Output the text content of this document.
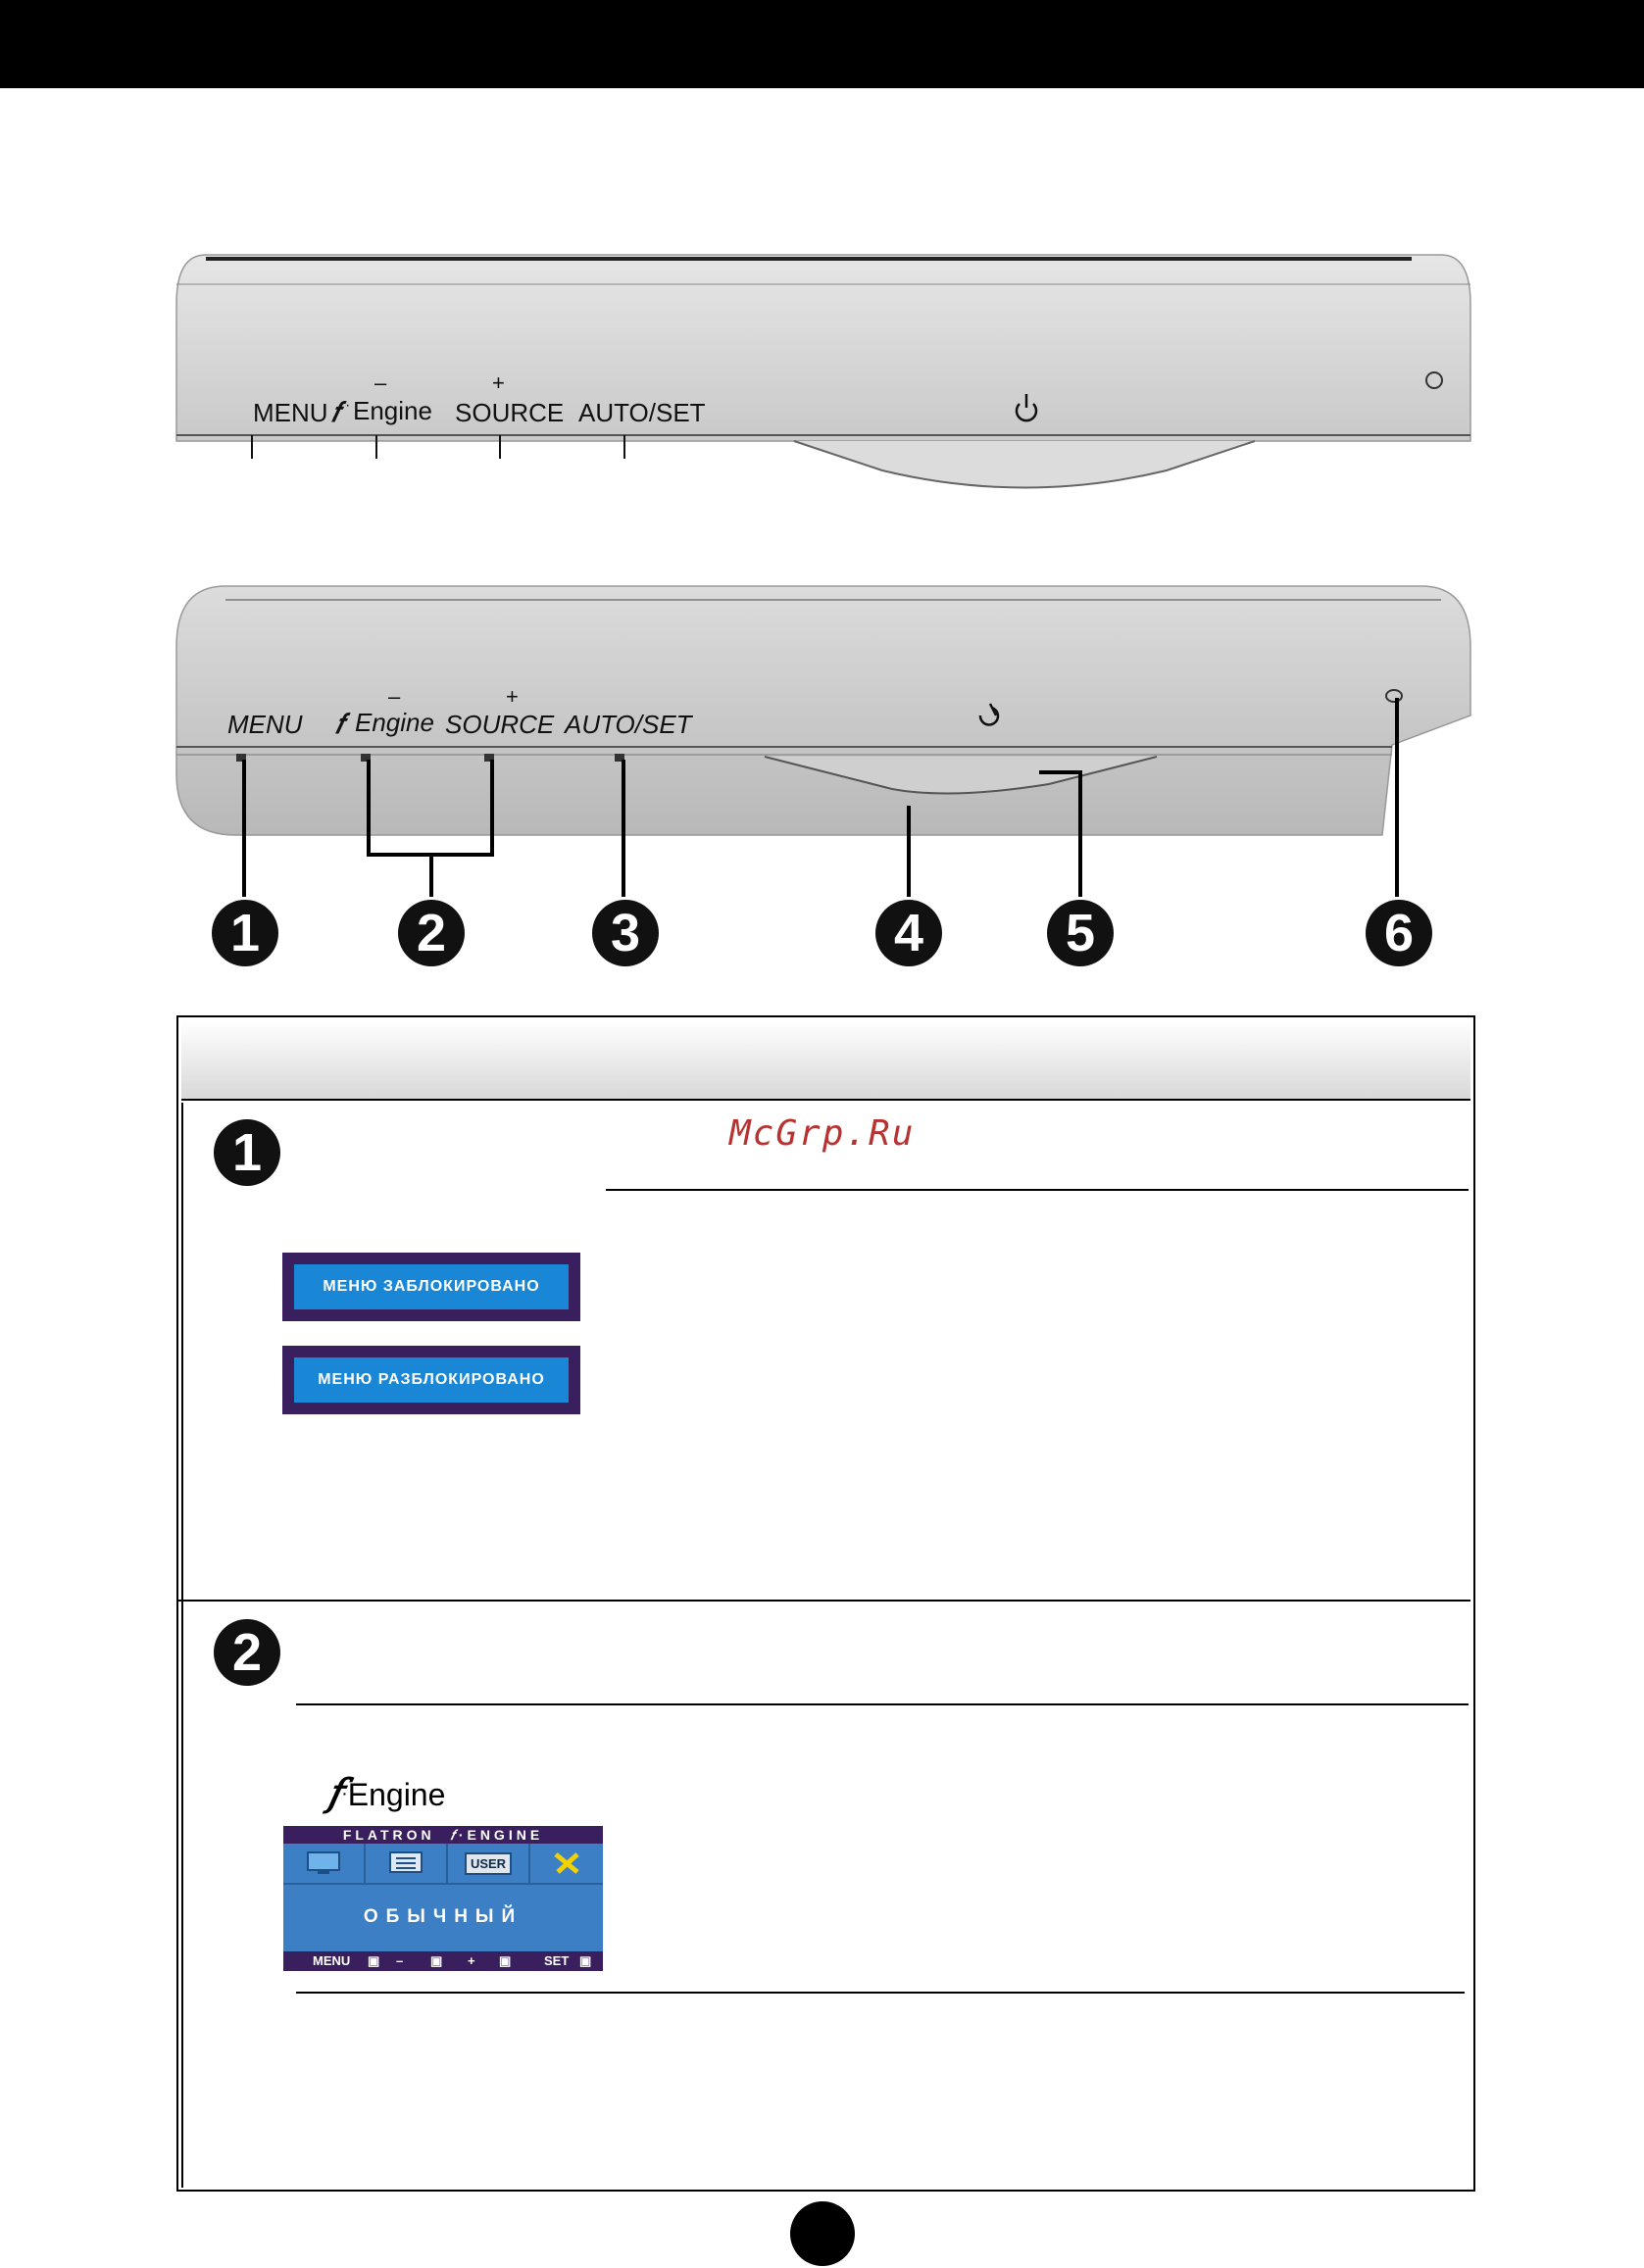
MENU 𝑓 · Engine
–
SOURCE
+
AUTO/SET
MENU 𝑓 Engine
–
SOURCE
+
AUTO/SET
1	2	3	4	5	6
1	McGrp.Ru
МЕНЮ ЗАБЛОКИРОВАНО
МЕНЮ РАЗБЛОКИРОВАНО
2
𝑓·Engine
FLATRON 𝑓·ENGINE
USER
ОБЫЧНЫЙ
MENU ▣ – ▣ + ▣	SET ▣
